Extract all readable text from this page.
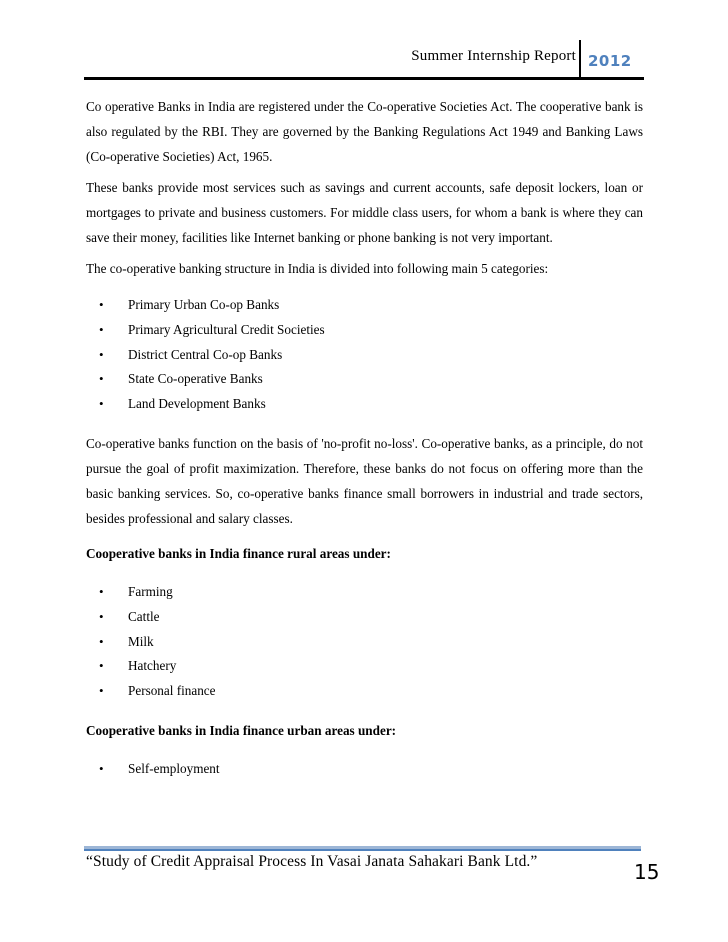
Summer Internship Report 2012

Co operative Banks in India are registered under the Co-operative Societies Act. The cooperative bank is also regulated by the RBI. They are governed by the Banking Regulations Act 1949 and Banking Laws (Co-operative Societies) Act, 1965.

These banks provide most services such as savings and current accounts, safe deposit lockers, loan or mortgages to private and business customers. For middle class users, for whom a bank is where they can save their money, facilities like Internet banking or phone banking is not very important.

The co-operative banking structure in India is divided into following main 5 categories:

• Primary Urban Co-op Banks
• Primary Agricultural Credit Societies
• District Central Co-op Banks
• State Co-operative Banks
• Land Development Banks

Co-operative banks function on the basis of 'no-profit no-loss'. Co-operative banks, as a principle, do not pursue the goal of profit maximization. Therefore, these banks do not focus on offering more than the basic banking services. So, co-operative banks finance small borrowers in industrial and trade sectors, besides professional and salary classes.

Cooperative banks in India finance rural areas under:
• Farming
• Cattle
• Milk
• Hatchery
• Personal finance
Cooperative banks in India finance urban areas under:
• Self-employment
“Study of Credit Appraisal Process In Vasai Janata Sahakari Bank Ltd.”	15
